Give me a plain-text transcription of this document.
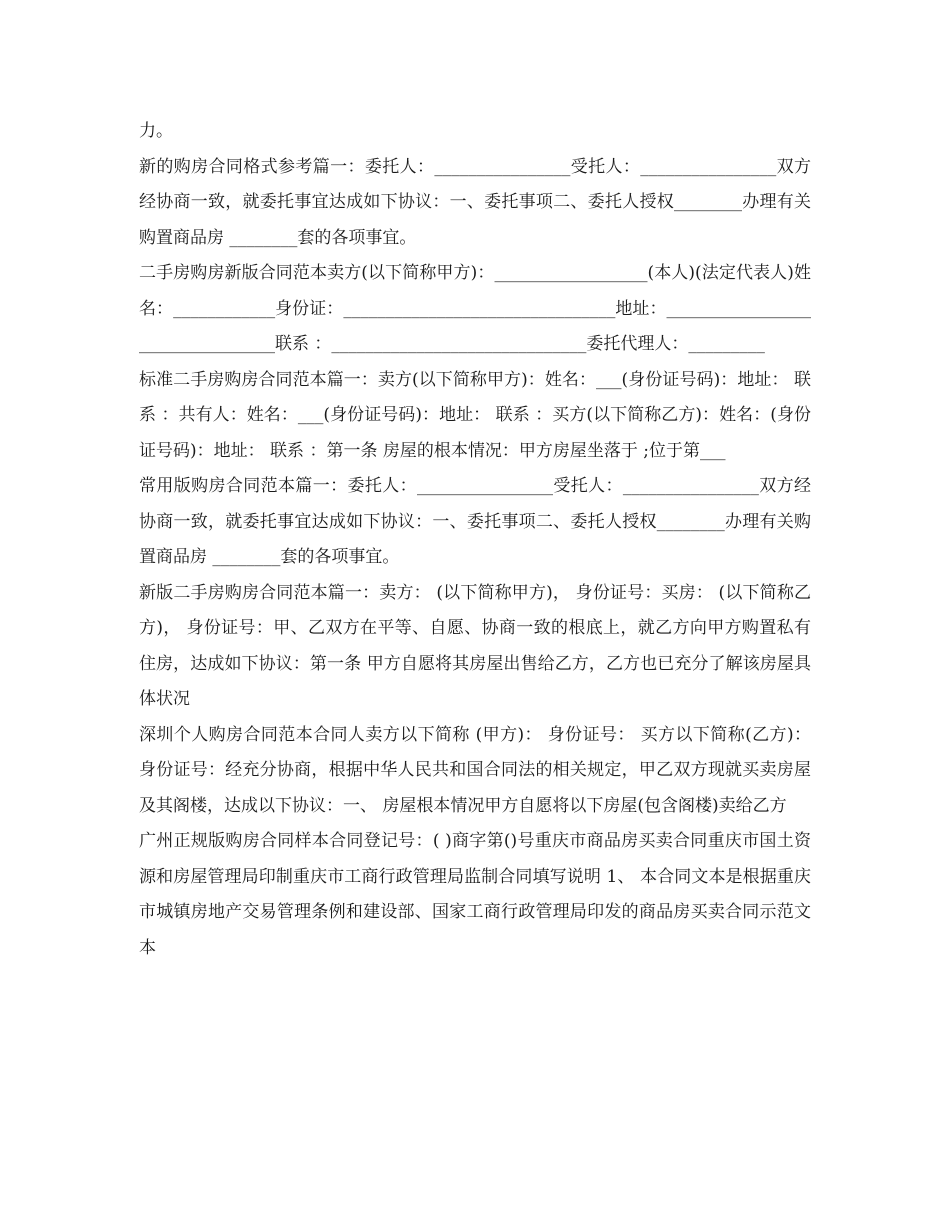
力。

新的购房合同格式参考篇一：委托人：________________受托人：________________双方经协商一致，就委托事宜达成如下协议：一、委托事项二、委托人授权________办理有关购置商品房 ________套的各项事宜。

二手房购房新版合同范本卖方(以下简称甲方)：__________________(本人)(法定代表人)姓名：____________身份证：________________________________地址：_________________________________联系 ：______________________________委托代理人：_________

标准二手房购房合同范本篇一：卖方(以下简称甲方)：姓名：___(身份证号码)：地址： 联系 ：共有人：姓名：___(身份证号码)：地址： 联系 ：买方(以下简称乙方)：姓名：(身份证号码)：地址： 联系 ：第一条 房屋的根本情况：甲方房屋坐落于 ;位于第___

常用版购房合同范本篇一：委托人：________________受托人：________________双方经协商一致，就委托事宜达成如下协议：一、委托事项二、委托人授权________办理有关购置商品房 ________套的各项事宜。

新版二手房购房合同范本篇一：卖方： (以下简称甲方)， 身份证号：买房： (以下简称乙方)， 身份证号：甲、乙双方在平等、自愿、协商一致的根底上，就乙方向甲方购置私有住房，达成如下协议：第一条 甲方自愿将其房屋出售给乙方，乙方也已充分了解该房屋具体状况

深圳个人购房合同范本合同人卖方以下简称 (甲方)： 身份证号： 买方以下简称(乙方)： 身份证号：经充分协商，根据中华人民共和国合同法的相关规定，甲乙双方现就买卖房屋及其阁楼，达成以下协议：一、 房屋根本情况甲方自愿将以下房屋(包含阁楼)卖给乙方

广州正规版购房合同样本合同登记号：( )商字第()号重庆市商品房买卖合同重庆市国土资源和房屋管理局印制重庆市工商行政管理局监制合同填写说明 1、 本合同文本是根据重庆市城镇房地产交易管理条例和建设部、国家工商行政管理局印发的商品房买卖合同示范文本
